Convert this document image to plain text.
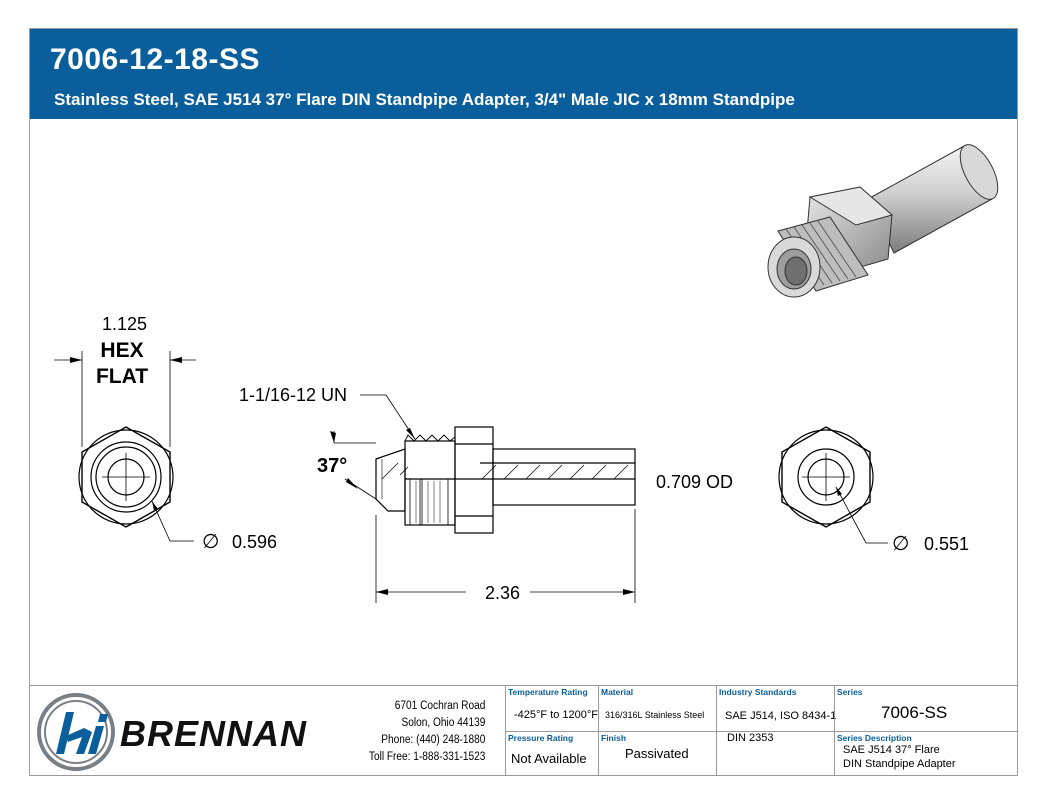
7006-12-18-SS
Stainless Steel, SAE J514 37° Flare DIN Standpipe Adapter, 3/4" Male JIC x 18mm Standpipe
1.125
HEX
FLAT
∅ 0.596
1-1/16-12 UN
37°
0.709 OD
2.36
∅ 0.551
BRENNAN
6701 Cochran Road
Solon, Ohio 44139
Phone: (440) 248-1880
Toll Free: 1-888-331-1523
Temperature Rating
-425°F to 1200°F
Pressure Rating
Not Available
Material
316/316L Stainless Steel
Finish
Passivated
Industry Standards
SAE J514, ISO 8434-1
DIN 2353
Series
7006-SS
Series Description
SAE J514 37° Flare
DIN Standpipe Adapter
